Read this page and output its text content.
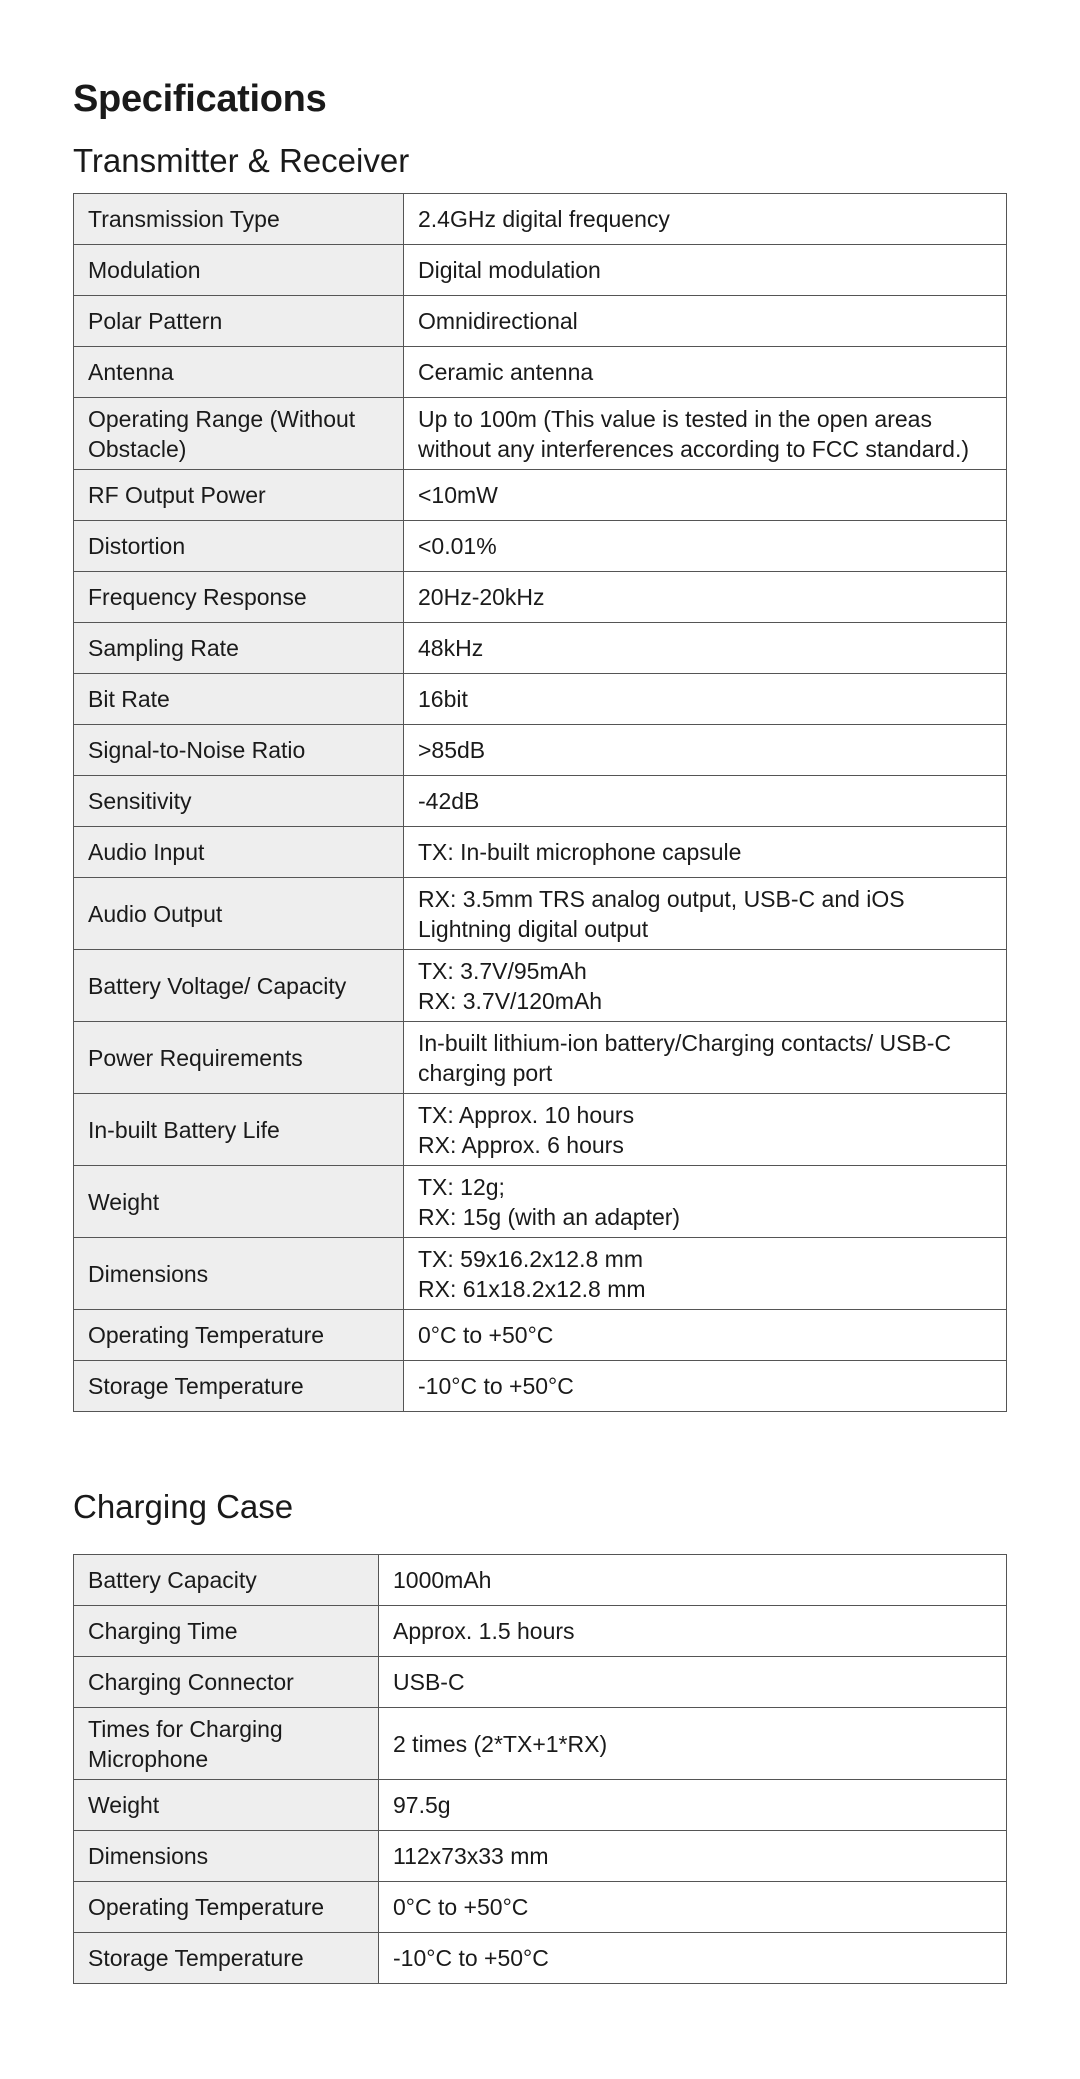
Specifications
Transmitter & Receiver
Transmission Type	2.4GHz digital frequency

Modulation	Digital modulation

Polar Pattern	Omnidirectional

Antenna	Ceramic antenna

Operating Range (Without Obstacle)	Up to 100m (This value is tested in the open areas without any interferences according to FCC standard.)

RF Output Power	<10mW

Distortion	<0.01%

Frequency Response	20Hz-20kHz

Sampling Rate	48kHz

Bit Rate	16bit

Signal-to-Noise Ratio	>85dB

Sensitivity	-42dB

Audio Input	TX: In-built microphone capsule

Audio Output	RX: 3.5mm TRS analog output, USB-C and iOS Lightning digital output

Battery Voltage/ Capacity	TX: 3.7V/95mAh
RX: 3.7V/120mAh

Power Requirements	In-built lithium-ion battery/Charging contacts/ USB-C charging port

In-built Battery Life	TX: Approx. 10 hours
RX: Approx. 6 hours

Weight	TX: 12g;
RX: 15g (with an adapter)

Dimensions	TX: 59x16.2x12.8 mm
RX: 61x18.2x12.8 mm

Operating Temperature	0°C to +50°C

Storage Temperature	-10°C to +50°C
Charging Case
Battery Capacity	1000mAh

Charging Time	Approx. 1.5 hours

Charging Connector	USB-C

Times for Charging Microphone	2 times (2*TX+1*RX)

Weight	97.5g

Dimensions	112x73x33 mm

Operating Temperature	0°C to +50°C

Storage Temperature	-10°C to +50°C
